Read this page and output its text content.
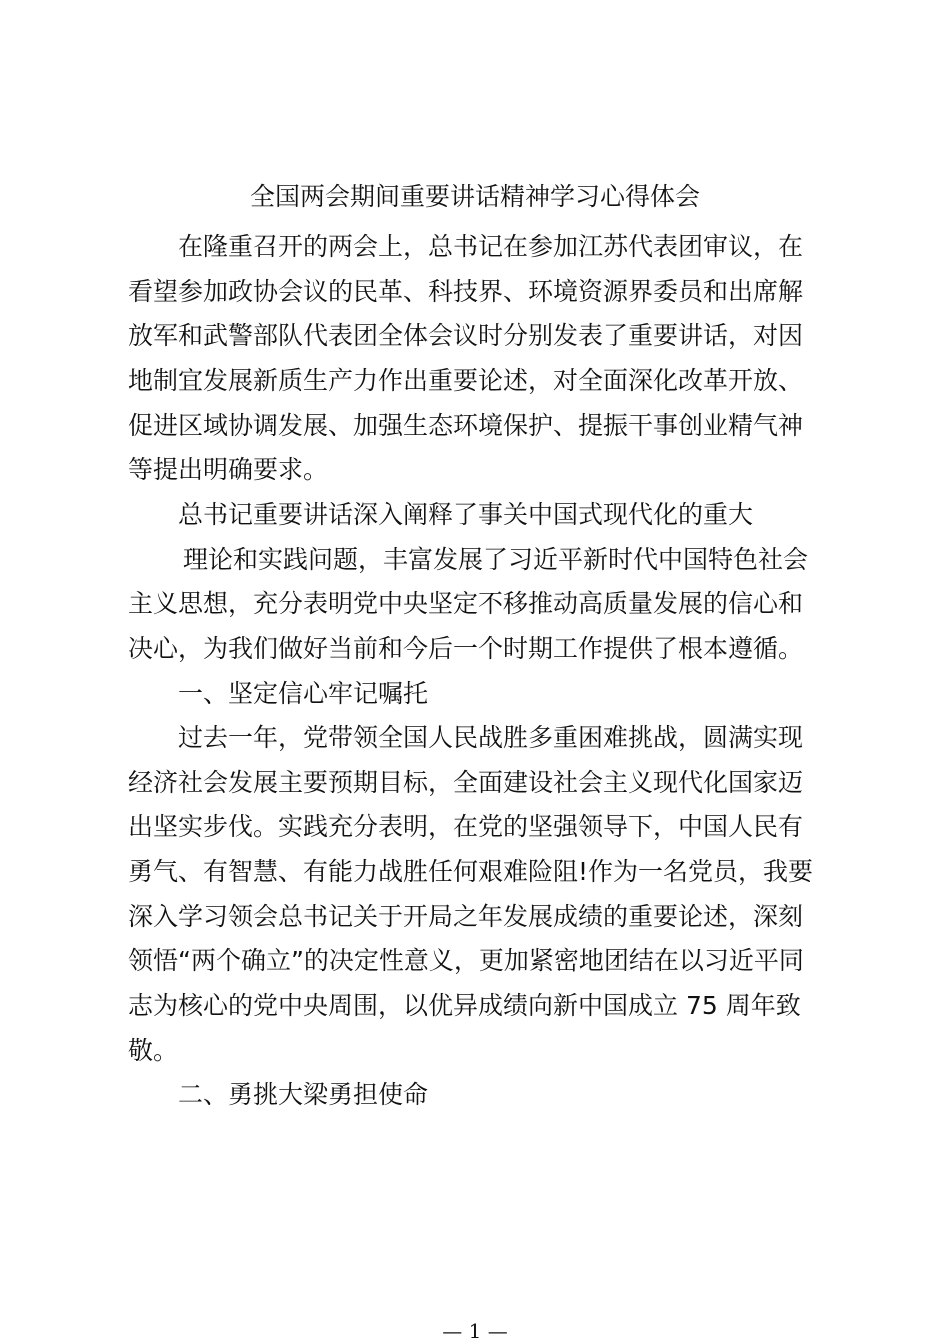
全国两会期间重要讲话精神学习心得体会

在隆重召开的两会上，总书记在参加江苏代表团审议，在

看望参加政协会议的民革、科技界、环境资源界委员和出席解

放军和武警部队代表团全体会议时分别发表了重要讲话，对因

地制宜发展新质生产力作出重要论述，对全面深化改革开放、

促进区域协调发展、加强生态环境保护、提振干事创业精气神

等提出明确要求。

总书记重要讲话深入阐释了事关中国式现代化的重大

理论和实践问题，丰富发展了习近平新时代中国特色社会

主义思想，充分表明党中央坚定不移推动高质量发展的信心和

决心，为我们做好当前和今后一个时期工作提供了根本遵循。

一、坚定信心牢记嘱托

过去一年，党带领全国人民战胜多重困难挑战，圆满实现

经济社会发展主要预期目标，全面建设社会主义现代化国家迈

出坚实步伐。实践充分表明，在党的坚强领导下，中国人民有

勇气、有智慧、有能力战胜任何艰难险阻!作为一名党员，我要

深入学习领会总书记关于开局之年发展成绩的重要论述，深刻

领悟“两个确立”的决定性意义，更加紧密地团结在以习近平同

志为核心的党中央周围，以优异成绩向新中国成立 75 周年致

敬。

二、勇挑大梁勇担使命

— 1 —
